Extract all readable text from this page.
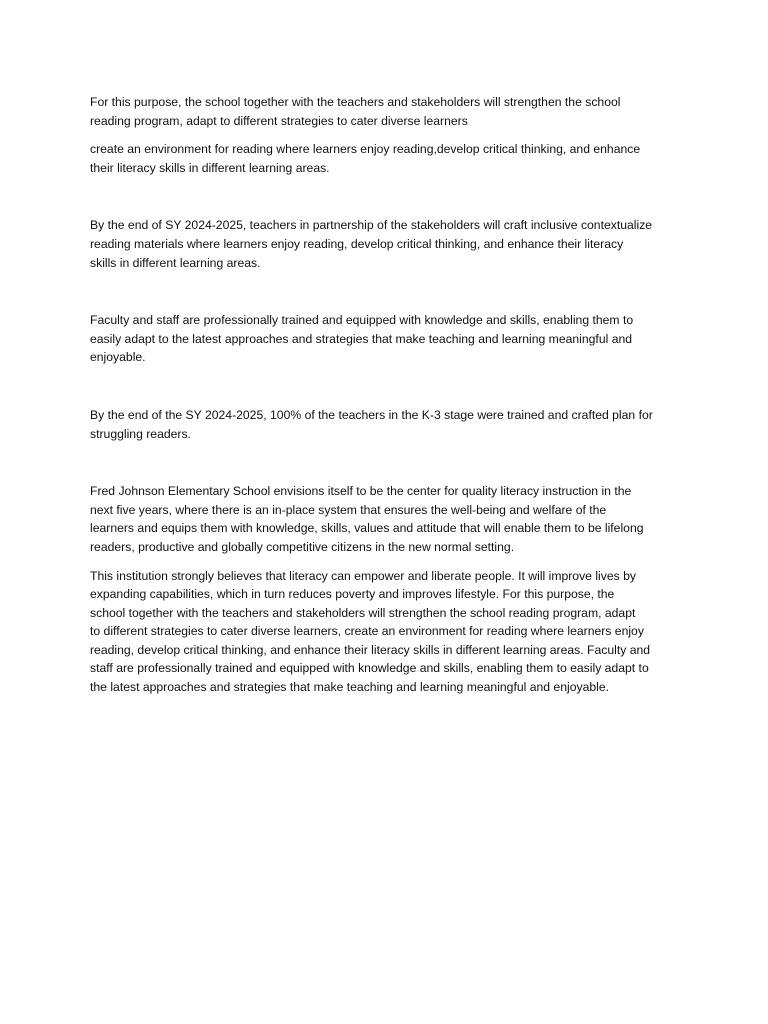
For this purpose, the school together with the teachers and stakeholders will strengthen the school
reading program, adapt to different strategies to cater diverse learners

create an environment for reading where learners enjoy reading,develop critical thinking, and enhance
their literacy skills in different learning areas.

By the end of SY 2024-2025, teachers in partnership of the stakeholders will craft inclusive contextualize
reading materials where learners enjoy reading, develop critical thinking, and enhance their literacy
skills in different learning areas.

Faculty and staff are professionally trained and equipped with knowledge and skills, enabling them to
easily adapt to the latest approaches and strategies that make teaching and learning meaningful and
enjoyable.

By the end of the SY 2024-2025, 100% of the teachers in the K-3 stage were trained and crafted plan for
struggling readers.

Fred Johnson Elementary School envisions itself to be the center for quality literacy instruction in the
next five years, where there is an in-place system that ensures the well-being and welfare of the
learners and equips them with knowledge, skills, values and attitude that will enable them to be lifelong
readers, productive and globally competitive citizens in the new normal setting.

This institution strongly believes that literacy can empower and liberate people. It will improve lives by
expanding capabilities, which in turn reduces poverty and improves lifestyle. For this purpose, the
school together with the teachers and stakeholders will strengthen the school reading program, adapt
to different strategies to cater diverse learners, create an environment for reading where learners enjoy
reading, develop critical thinking, and enhance their literacy skills in different learning areas. Faculty and
staff are professionally trained and equipped with knowledge and skills, enabling them to easily adapt to
the latest approaches and strategies that make teaching and learning meaningful and enjoyable.
